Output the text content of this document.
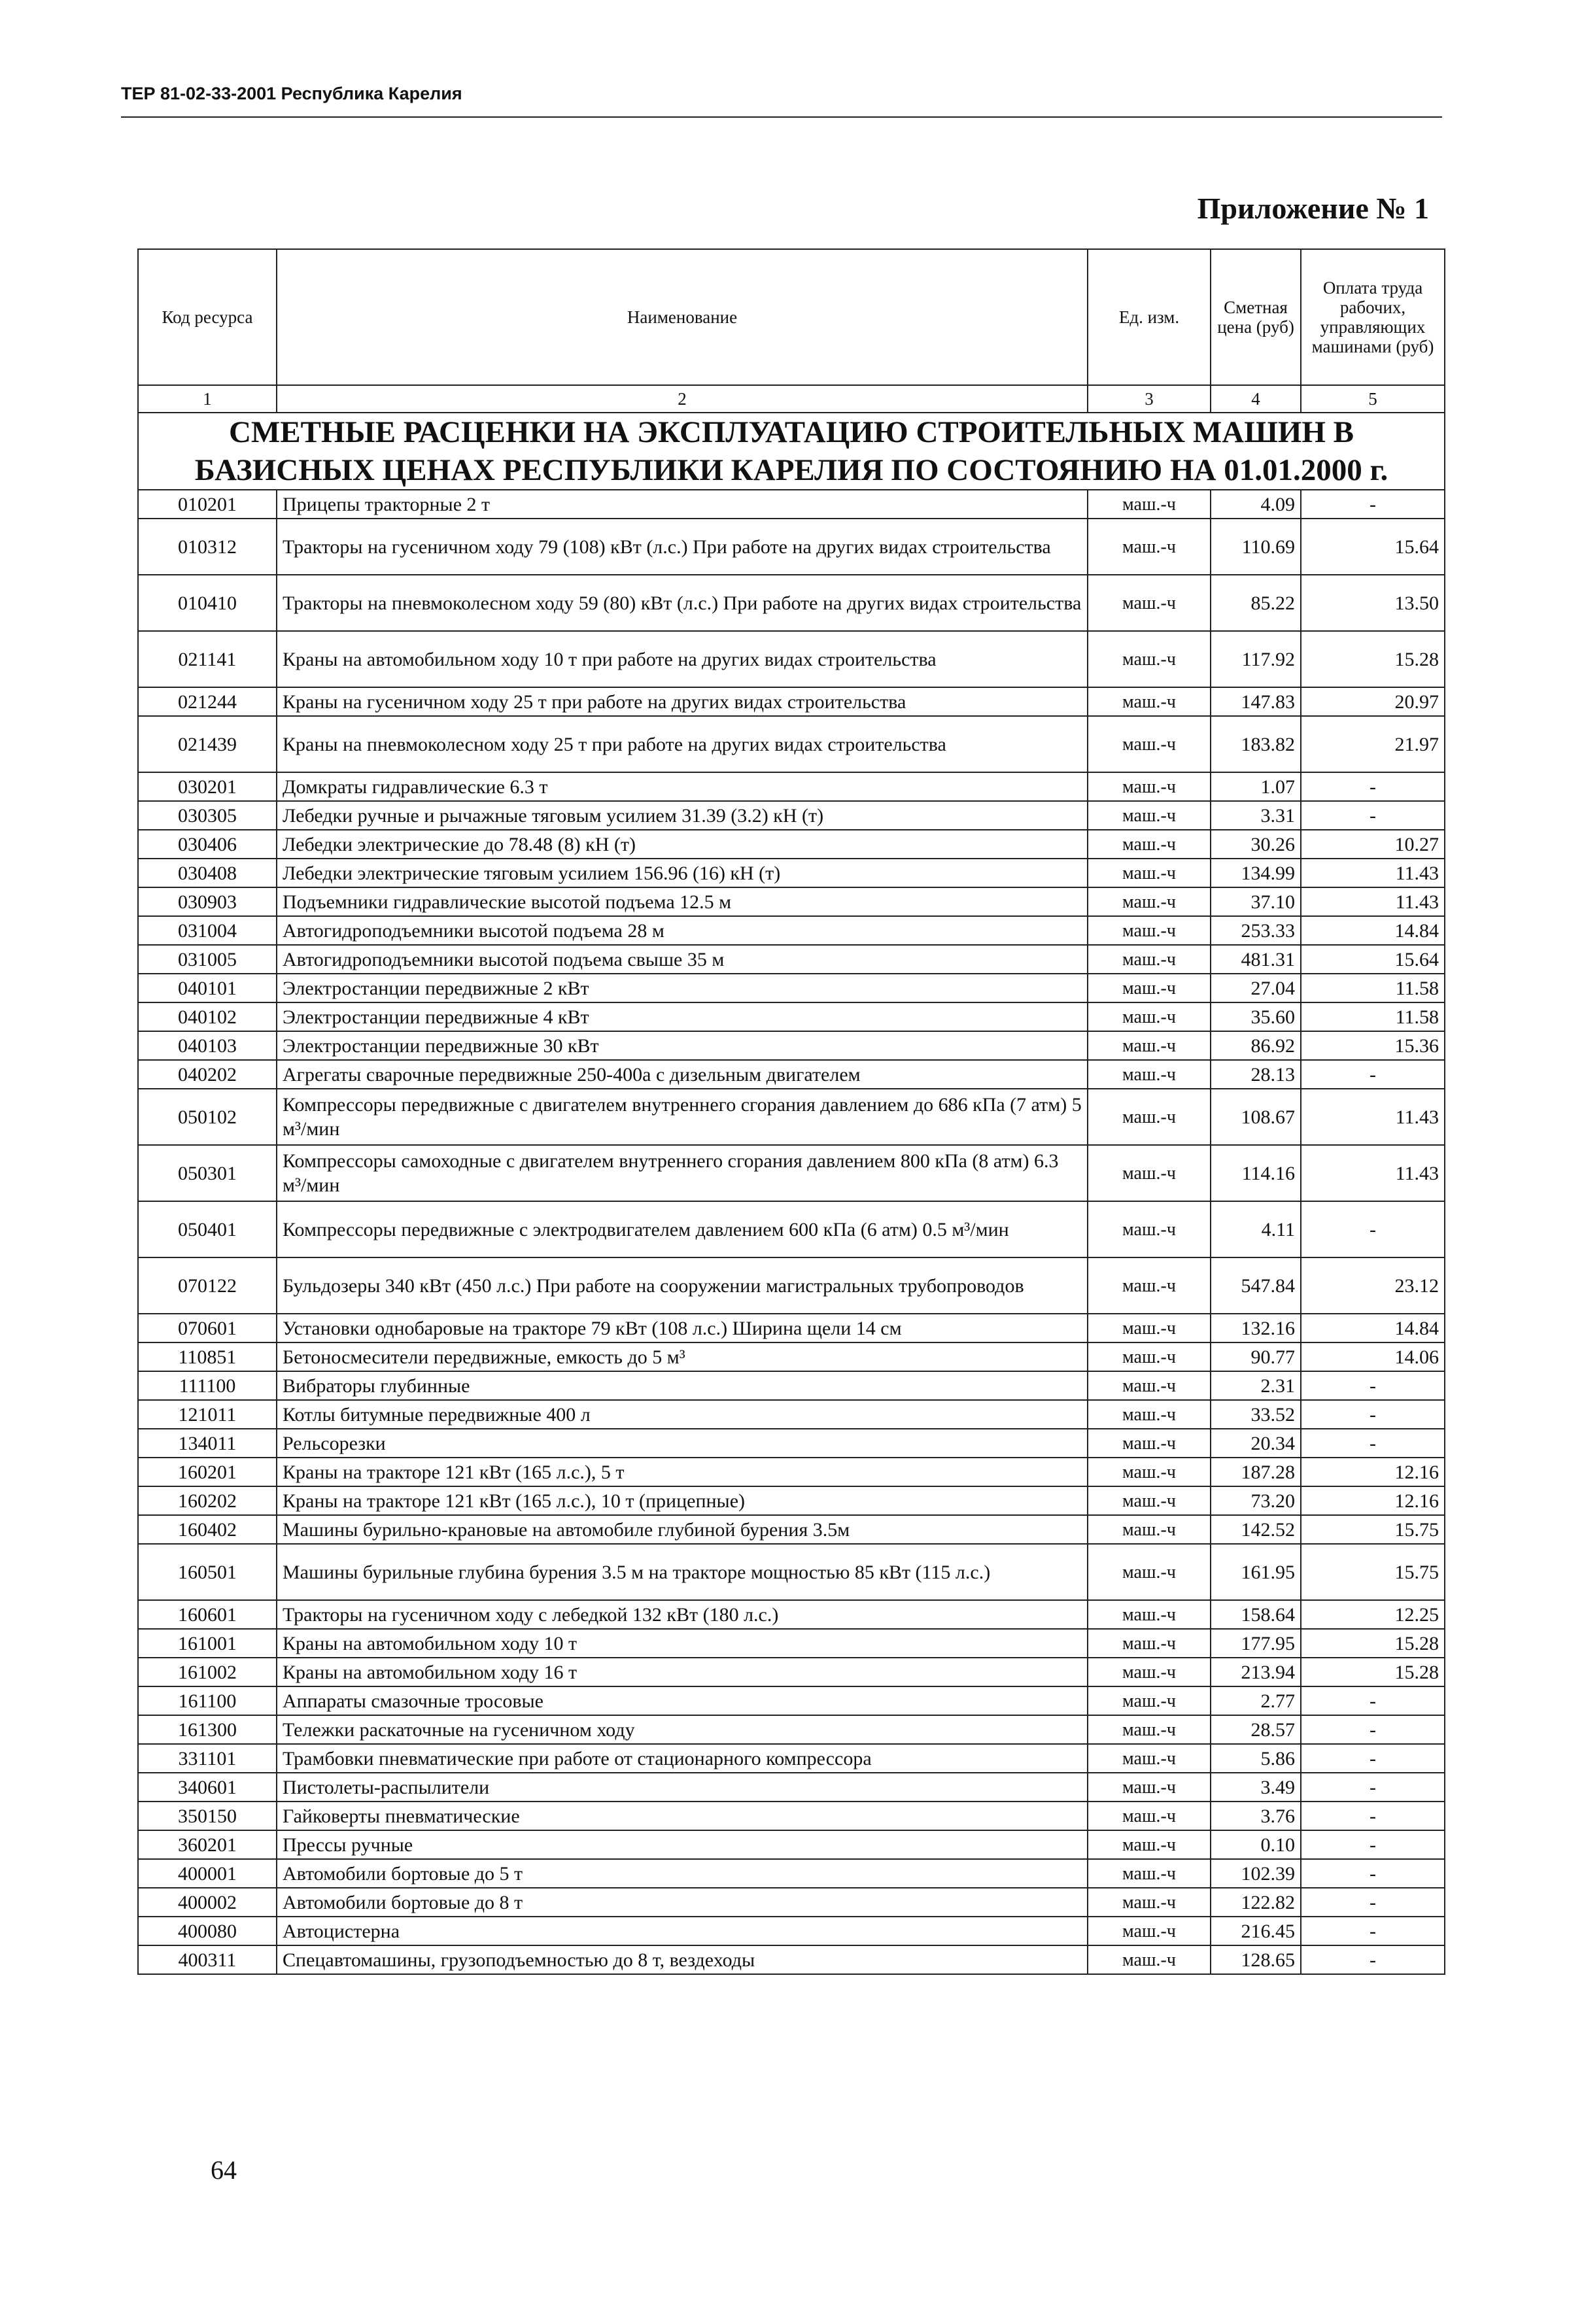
ТЕР 81-02-33-2001 Республика Карелия
Приложение № 1
Код ресурса	Наименование	Ед. изм.	Сметная цена (руб)	Оплата труда рабочих, управляющих машинами (руб)
1	2	3	4	5
СМЕТНЫЕ РАСЦЕНКИ НА ЭКСПЛУАТАЦИЮ СТРОИТЕЛЬНЫХ МАШИН В БАЗИСНЫХ ЦЕНАХ РЕСПУБЛИКИ КАРЕЛИЯ ПО СОСТОЯНИЮ НА 01.01.2000 г.				
010201	Прицепы тракторные 2 т	маш.-ч	4.09	-
010312	Тракторы на гусеничном ходу 79 (108) кВт (л.с.) При работе на других видах строительства	маш.-ч	110.69	15.64
010410	Тракторы на пневмоколесном ходу 59 (80) кВт (л.с.) При работе на других видах строительства	маш.-ч	85.22	13.50
021141	Краны на автомобильном ходу 10 т при работе на других видах строительства	маш.-ч	117.92	15.28
021244	Краны на гусеничном ходу 25 т при работе на других видах строительства	маш.-ч	147.83	20.97
021439	Краны на пневмоколесном ходу 25 т при работе на других видах строительства	маш.-ч	183.82	21.97
030201	Домкраты гидравлические 6.3 т	маш.-ч	1.07	-
030305	Лебедки ручные и рычажные тяговым усилием 31.39 (3.2) кН (т)	маш.-ч	3.31	-
030406	Лебедки электрические до 78.48 (8) кН (т)	маш.-ч	30.26	10.27
030408	Лебедки электрические тяговым усилием 156.96 (16) кН (т)	маш.-ч	134.99	11.43
030903	Подъемники гидравлические высотой подъема 12.5 м	маш.-ч	37.10	11.43
031004	Автогидроподъемники высотой подъема 28 м	маш.-ч	253.33	14.84
031005	Автогидроподъемники высотой подъема свыше 35 м	маш.-ч	481.31	15.64
040101	Электростанции передвижные 2 кВт	маш.-ч	27.04	11.58
040102	Электростанции передвижные 4 кВт	маш.-ч	35.60	11.58
040103	Электростанции передвижные 30 кВт	маш.-ч	86.92	15.36
040202	Агрегаты сварочные передвижные 250-400а с дизельным двигателем	маш.-ч	28.13	-
050102	Компрессоры передвижные с двигателем внутреннего сгорания давлением до 686 кПа (7 атм) 5 м³/мин	маш.-ч	108.67	11.43
050301	Компрессоры самоходные с двигателем внутреннего сгорания давлением 800 кПа (8 атм) 6.3 м³/мин	маш.-ч	114.16	11.43
050401	Компрессоры передвижные с электродвигателем давлением 600 кПа (6 атм) 0.5 м³/мин	маш.-ч	4.11	-
070122	Бульдозеры 340 кВт (450 л.с.) При работе на сооружении магистральных трубопроводов	маш.-ч	547.84	23.12
070601	Установки однобаровые на тракторе 79 кВт (108 л.с.) Ширина щели 14 см	маш.-ч	132.16	14.84
110851	Бетоносмесители передвижные, емкость до 5 м³	маш.-ч	90.77	14.06
111100	Вибраторы глубинные	маш.-ч	2.31	-
121011	Котлы битумные передвижные 400 л	маш.-ч	33.52	-
134011	Рельсорезки	маш.-ч	20.34	-
160201	Краны на тракторе 121 кВт (165 л.с.), 5 т	маш.-ч	187.28	12.16
160202	Краны на тракторе 121 кВт (165 л.с.), 10 т (прицепные)	маш.-ч	73.20	12.16
160402	Машины бурильно-крановые на автомобиле глубиной бурения 3.5м	маш.-ч	142.52	15.75
160501	Машины бурильные глубина бурения 3.5 м на тракторе мощностью 85 кВт (115 л.с.)	маш.-ч	161.95	15.75
160601	Тракторы на гусеничном ходу с лебедкой 132 кВт (180 л.с.)	маш.-ч	158.64	12.25
161001	Краны на автомобильном ходу 10 т	маш.-ч	177.95	15.28
161002	Краны на автомобильном ходу 16 т	маш.-ч	213.94	15.28
161100	Аппараты смазочные тросовые	маш.-ч	2.77	-
161300	Тележки раскаточные на гусеничном ходу	маш.-ч	28.57	-
331101	Трамбовки пневматические при работе от стационарного компрессора	маш.-ч	5.86	-
340601	Пистолеты-распылители	маш.-ч	3.49	-
350150	Гайковерты пневматические	маш.-ч	3.76	-
360201	Прессы ручные	маш.-ч	0.10	-
400001	Автомобили бортовые до 5 т	маш.-ч	102.39	-
400002	Автомобили бортовые до 8 т	маш.-ч	122.82	-
400080	Автоцистерна	маш.-ч	216.45	-
400311	Спецавтомашины, грузоподъемностью до 8 т, вездеходы	маш.-ч	128.65	-
64
